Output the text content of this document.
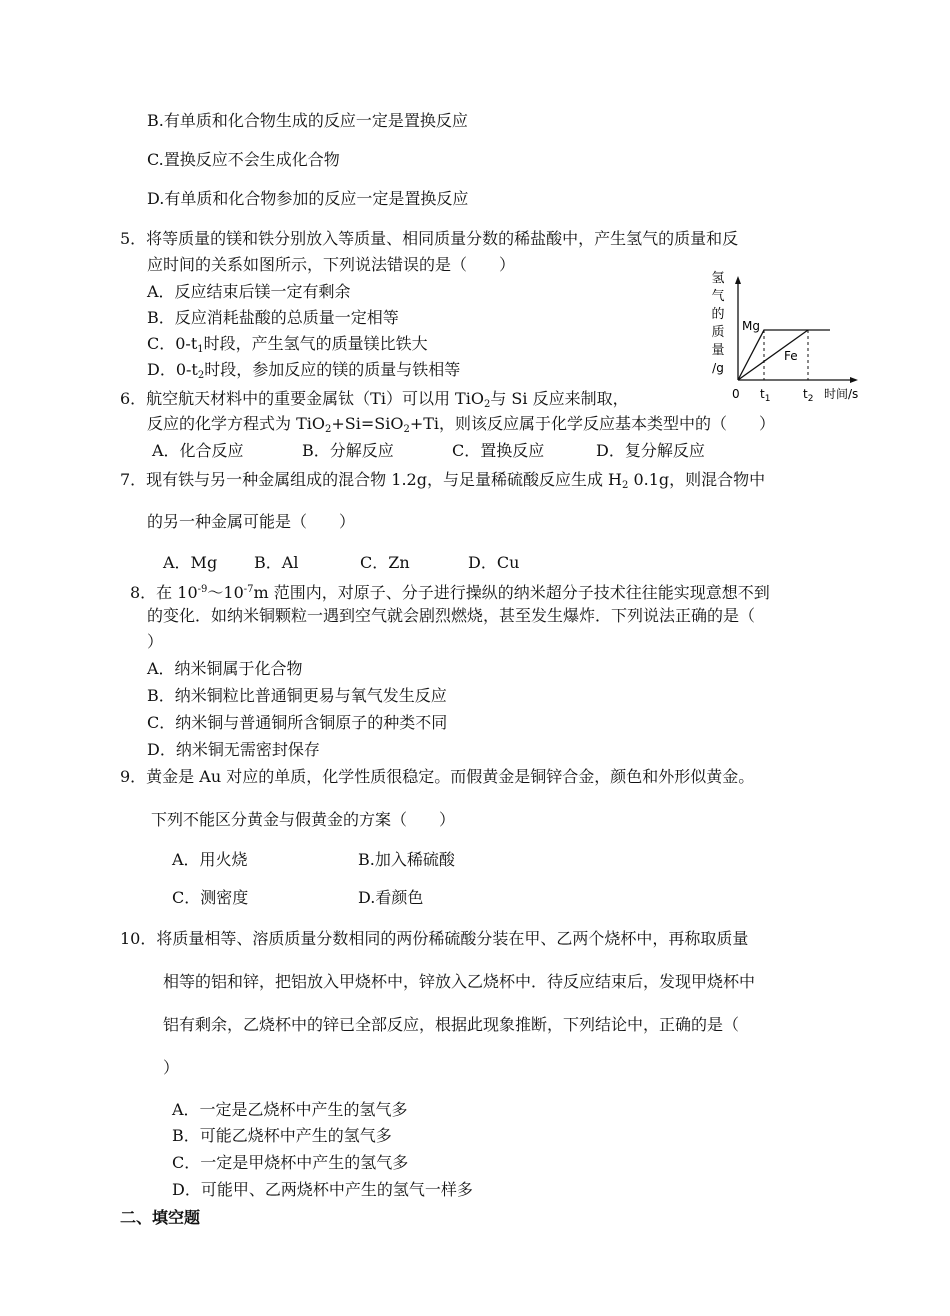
B.有单质和化合物生成的反应一定是置换反应
C.置换反应不会生成化合物
D.有单质和化合物参加的反应一定是置换反应
5．将等质量的镁和铁分别放入等质量、相同质量分数的稀盐酸中，产生氢气的质量和反
应时间的关系如图所示，下列说法错误的是（　　）
A．反应结束后镁一定有剩余
B．反应消耗盐酸的总质量一定相等
C．$0-t_1$时段，产生氢气的质量镁比铁大
D．$0-t_2$时段，参加反应的镁的质量与铁相等
氢
气
的
质
量
/g
Mg
Fe
0 $t_1$	$t_2$ 时间/s
6．航空航天材料中的重要金属钛（Ti）可以用 TiO$_2$与 Si 反应来制取，
反应的化学方程式为 TiO$_2$+Si=SiO$_2$+Ti，则该反应属于化学反应基本类型中的（　　）
A．化合反应	B．分解反应	C．置换反应	D．复分解反应
7．现有铁与另一种金属组成的混合物 1.2g，与足量稀硫酸反应生成 $H_2$ 0.1g，则混合物中
的另一种金属可能是（　　）
A．Mg B．Al	C．Zn	D．Cu
8．在 $10^{-9}\sim 10^{-7}m$ 范围内，对原子、分子进行操纵的纳米超分子技术往往能实现意想不到
的变化．如纳米铜颗粒一遇到空气就会剧烈燃烧，甚至发生爆炸．下列说法正确的是（
）
A．纳米铜属于化合物
B．纳米铜粒比普通铜更易与氧气发生反应
C．纳米铜与普通铜所含铜原子的种类不同
D．纳米铜无需密封保存
9．黄金是 Au 对应的单质，化学性质很稳定。而假黄金是铜锌合金，颜色和外形似黄金。
下列不能区分黄金与假黄金的方案（　　）
A．用火烧	B.加入稀硫酸
C．测密度	D.看颜色
10．将质量相等、溶质质量分数相同的两份稀硫酸分装在甲、乙两个烧杯中，再称取质量
相等的铝和锌，把铝放入甲烧杯中，锌放入乙烧杯中．待反应结束后，发现甲烧杯中
铝有剩余，乙烧杯中的锌已全部反应，根据此现象推断，下列结论中，正确的是（
）
A．一定是乙烧杯中产生的氢气多
B．可能乙烧杯中产生的氢气多
C．一定是甲烧杯中产生的氢气多
D．可能甲、乙两烧杯中产生的氢气一样多
二、填空题
